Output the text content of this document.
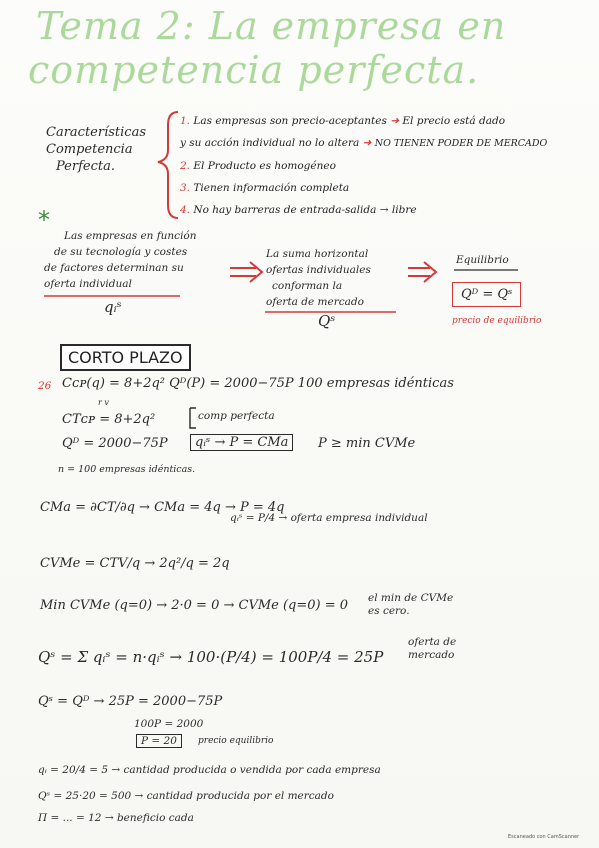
Tema 2: La empresa en
competencia perfecta.
Características
Competencia
Perfecta.
1. Las empresas son precio-aceptantes ➜ El precio está dado
y su acción individual no lo altera ➜ NO TIENEN PODER DE MERCADO
2. El Producto es homogéneo
3. Tienen información completa
4. No hay barreras de entrada-salida → libre
*
Las empresas en función
de su tecnología y costes
de factores determinan su
oferta individual
qᵢˢ
La suma horizontal
ofertas individuales
conforman la
oferta de mercado
Qˢ
Equilibrio
Qᴰ = Qˢ
precio de equilibrio
CORTO PLAZO
26 Cᴄᴘ(q) = 8+2q² Qᴰ(P) = 2000−75P 100 empresas idénticas
r v
CTᴄᴘ = 8+2q²	comp perfecta
Qᴰ = 2000−75P	qᵢˢ → P = CMa	P ≥ min CVMe
n = 100 empresas idénticas.
CMa = ∂CT/∂q → CMa = 4q → P = 4q
qᵢˢ = P/4 → oferta empresa individual
CVMe = CTV/q → 2q²/q = 2q
Min CVMe (q=0) → 2·0 = 0 → CVMe (q=0) = 0 el min de CVMe
es cero.
Qˢ = Σ qᵢˢ = n·qᵢˢ → 100·(P/4) = 100P/4 = 25P
oferta de
mercado
Qˢ = Qᴰ → 25P = 2000−75P
100P = 2000
P = 20	precio equilibrio
qᵢ = 20/4 = 5 → cantidad producida o vendida por cada empresa
Qˢ = 25·20 = 500 → cantidad producida por el mercado
Π = ... = 12 → beneficio cada
Escaneado con CamScanner
